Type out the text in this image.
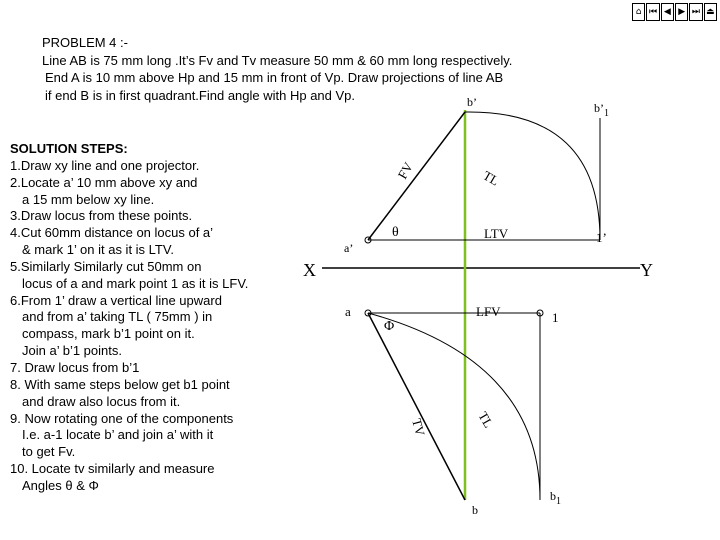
⌂ ⏮ ◀ ▶ ⏭ ⏏
PROBLEM 4 :-
Line AB is 75 mm long .It’s Fv and Tv measure 50 mm & 60 mm long respectively.
End A is 10 mm above Hp and 15 mm in front of Vp. Draw projections of line AB
if end B is in first quadrant.Find angle with Hp and Vp.
SOLUTION STEPS:
1.Draw xy line and one projector.
2.Locate a’ 10 mm above xy and
a 15 mm below xy line.
3.Draw locus from these points.
4.Cut 60mm distance on locus of a’
& mark 1’ on it as it is LTV.
5.Similarly Similarly cut 50mm on
locus of a and mark point 1 as it is LFV.
6.From 1’ draw a vertical line upward
and from a’ taking TL ( 75mm ) in
compass, mark b’1 point on it.
Join a’ b’1 points.
7. Draw locus from b’1
8. With same steps below get b1 point
and draw also locus from it.
9. Now rotating one of the components
I.e. a-1 locate b’ and join a’ with it
to get Fv.
10. Locate tv similarly and measure
Angles θ & Φ
b’	$b’_1$
FV	TL
θ	LTV	1’
a’
X	Y
a
Φ
LFV	1
TV	TL
b
$b_1$
